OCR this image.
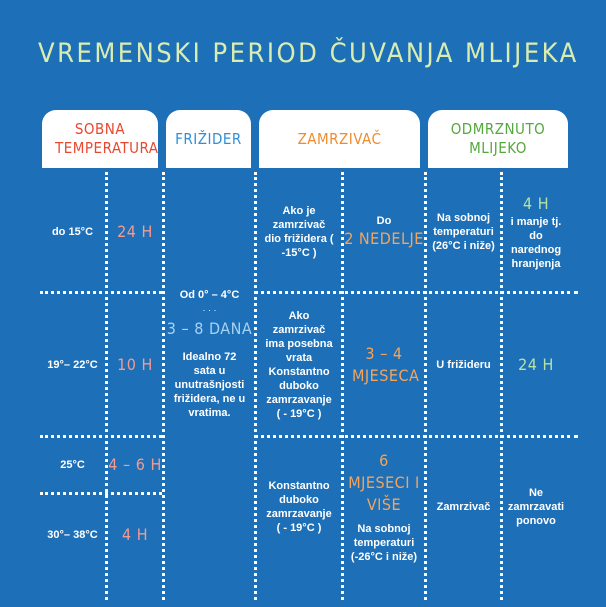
VREMENSKI PERIOD ČUVANJA MLIJEKA
SOBNA TEMPERATURA
FRIŽIDER	ZAMRZIVAČ
ODMRZNUTO MLIJEKO
do 15°C 24 H
19°– 22°C 10 H
25°C 4 – 6 H
30°– 38°C 4 H
Od 0° – 4°C
· · ·
3 – 8 DANA
Idealno 72 sata u unutrašnjosti frižidera, ne u vratima.
Ako je zamrzivač dio frižidera ( -15°C )
Do
2 NEDELJE
Ako zamrzivač ima posebna vrata Konstantno duboko zamrzavanje ( - 19°C )
3 – 4 MJESECA
Konstantno duboko zamrzavanje ( - 19°C )
6 MJESECI I VIŠE
Na sobnoj temperaturi (-26°C i niže)
Na sobnoj temperaturi (26°C i niže)
4 H
i manje tj. do narednog hranjenja
U frižideru 24 H
Zamrzivač
Ne zamrzavati ponovo
